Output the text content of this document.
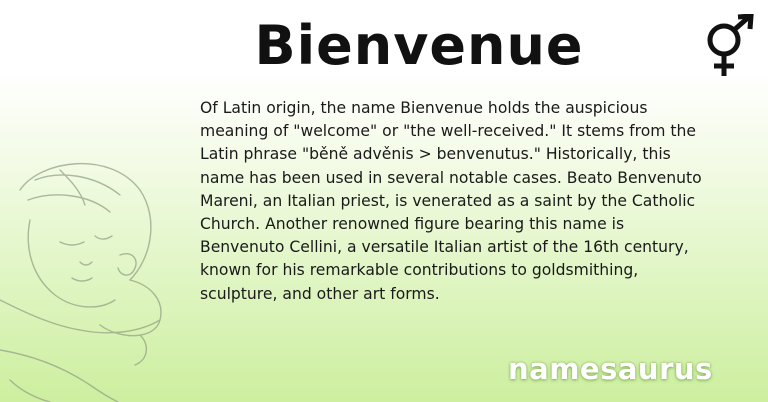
Bienvenue
Of Latin origin, the name Bienvenue holds the auspicious meaning of "welcome" or "the well-received." It stems from the Latin phrase "běně advěnis > benvenutus." Historically, this name has been used in several notable cases. Beato Benvenuto Mareni, an Italian priest, is venerated as a saint by the Catholic Church. Another renowned figure bearing this name is Benvenuto Cellini, a versatile Italian artist of the 16th century, known for his remarkable contributions to goldsmithing, sculpture, and other art forms.
namesaurus
